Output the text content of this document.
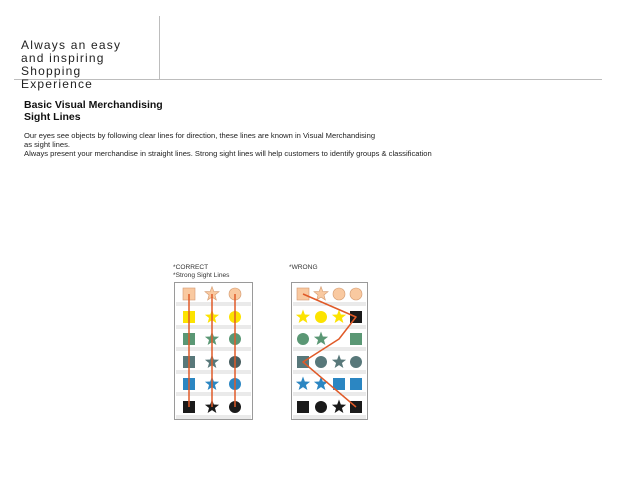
Always an easy
and inspiring Shopping
Experience
Basic Visual Merchandising
Sight Lines
Our eyes see objects by following clear lines for direction, these lines are known in Visual Merchandising
as sight lines.
Always present your merchandise in straight lines. Strong sight lines will help customers to identify groups & classification
*CORRECT
*Strong Sight Lines
*WRONG
